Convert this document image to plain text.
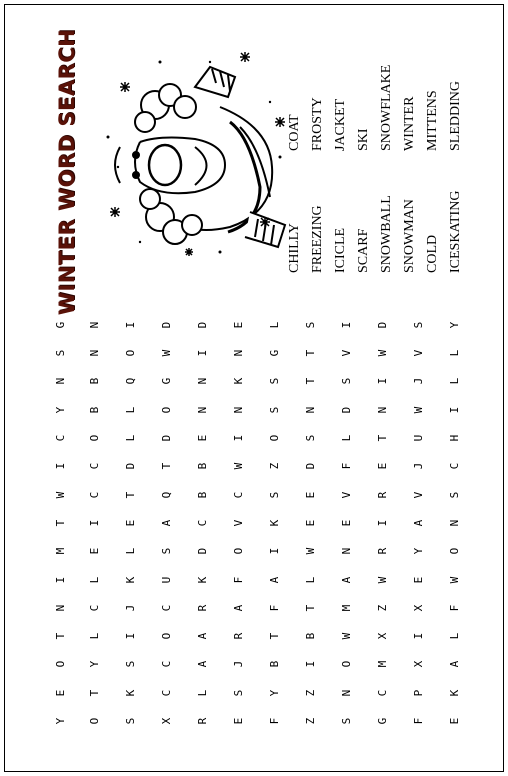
WINTER WORD SEARCH	CHILLY FREEZING ICICLE SCARF SNOWBALL SNOWMAN COLD ICESKATING
COAT FROSTY JACKET SKI SNOWFLAKE WINTER MITTENS SLEDDING
Y
E
O
T
N
I
M
T
W
I
C
Y
N
S
G
O
T
Y
L
C
L
E
I
C
C
O
B
B
N
N
S
K
S
I
J
K
L
E
T
D
L
L
Q
O
I
X
C
C
O
C
U
S
A
Q
T
D
O
G
W
D
R
L
A
A
R
K
D
C
B
B
E
N
N
I
D
E
S
J
R
A
F
O
V
C
W
I
N
K
N
E
F
Y
B
T
F
A
I
K
S
Z
O
S
S
G
L
Z
Z
I
B
T
L
W
E
E
D
S
N
T
T
S
S
N
O
W
M
A
N
E
V
F
L
D
S
V
I
G
C
M
X
Z
W
R
I
R
E
T
N
I
W
D
F
P
X
I
X
E
Y
A
V
J
U
W
J
V
S
E
K
A
L
F
W
O
N
S
C
H
I
L
L
Y
